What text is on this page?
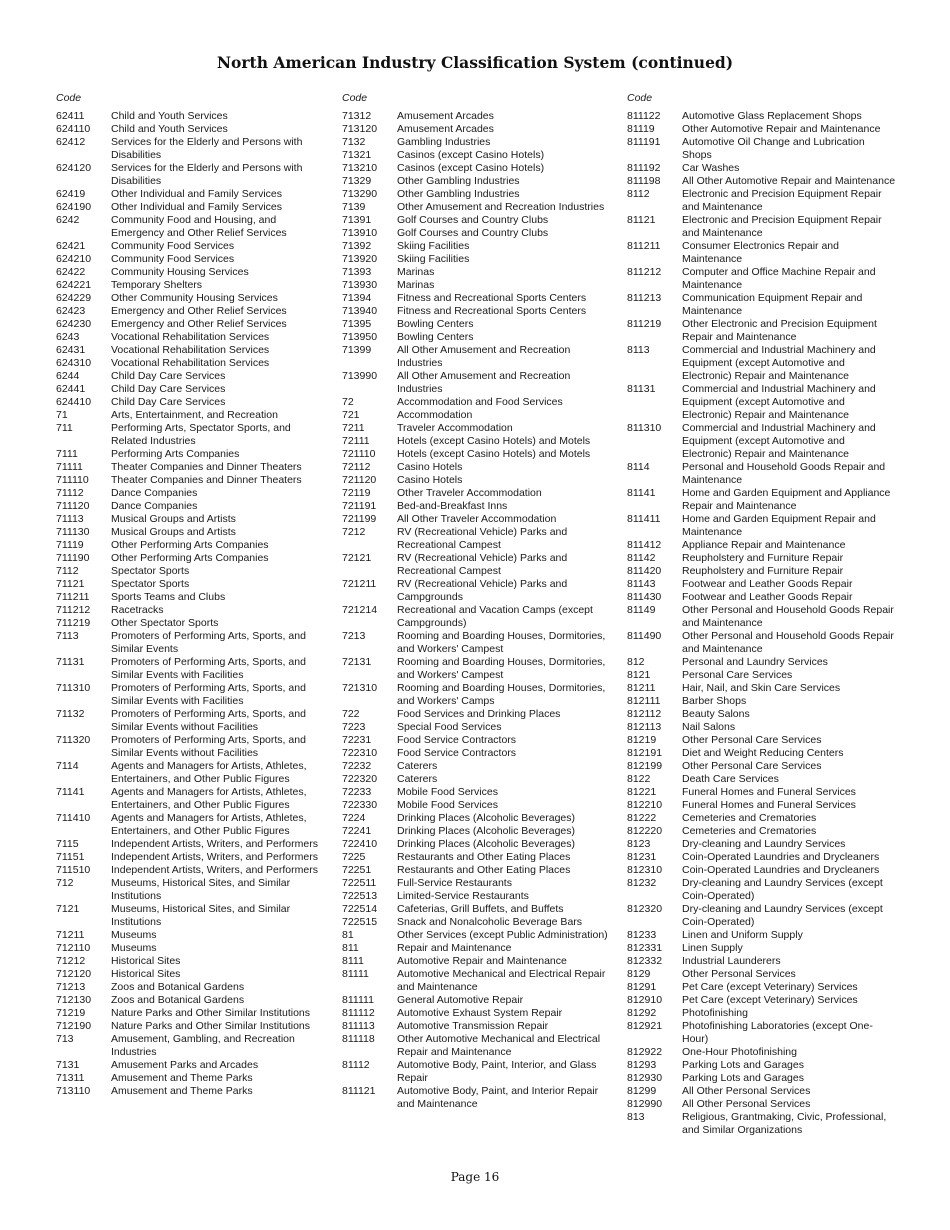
North American Industry Classification System (continued)
Code
62411	Child and Youth Services
624110	Child and Youth Services
62412	Services for the Elderly and Persons with Disabilities
624120	Services for the Elderly and Persons with Disabilities
62419	Other Individual and Family Services
624190	Other Individual and Family Services
6242	Community Food and Housing, and Emergency and Other Relief Services
62421	Community Food Services
624210	Community Food Services
62422	Community Housing Services
624221	Temporary Shelters
624229	Other Community Housing Services
62423	Emergency and Other Relief Services
624230	Emergency and Other Relief Services
6243	Vocational Rehabilitation Services
62431	Vocational Rehabilitation Services
624310	Vocational Rehabilitation Services
6244	Child Day Care Services
62441	Child Day Care Services
624410	Child Day Care Services
71	Arts, Entertainment, and Recreation
711	Performing Arts, Spectator Sports, and Related Industries
7111	Performing Arts Companies
71111	Theater Companies and Dinner Theaters
711110	Theater Companies and Dinner Theaters
71112	Dance Companies
711120	Dance Companies
71113	Musical Groups and Artists
711130	Musical Groups and Artists
71119	Other Performing Arts Companies
711190	Other Performing Arts Companies
7112	Spectator Sports
71121	Spectator Sports
711211	Sports Teams and Clubs
711212	Racetracks
711219	Other Spectator Sports
7113	Promoters of Performing Arts, Sports, and Similar Events
71131	Promoters of Performing Arts, Sports, and Similar Events with Facilities
711310	Promoters of Performing Arts, Sports, and Similar Events with Facilities
71132	Promoters of Performing Arts, Sports, and Similar Events without Facilities
711320	Promoters of Performing Arts, Sports, and Similar Events without Facilities
7114	Agents and Managers for Artists, Athletes, Entertainers, and Other Public Figures
71141	Agents and Managers for Artists, Athletes, Entertainers, and Other Public Figures
711410	Agents and Managers for Artists, Athletes, Entertainers, and Other Public Figures
7115	Independent Artists, Writers, and Performers
71151	Independent Artists, Writers, and Performers
711510	Independent Artists, Writers, and Performers
712	Museums, Historical Sites, and Similar Institutions
7121	Museums, Historical Sites, and Similar Institutions
71211	Museums
712110	Museums
71212	Historical Sites
712120	Historical Sites
71213	Zoos and Botanical Gardens
712130	Zoos and Botanical Gardens
71219	Nature Parks and Other Similar Institutions
712190	Nature Parks and Other Similar Institutions
713	Amusement, Gambling, and Recreation Industries
7131	Amusement Parks and Arcades
71311	Amusement and Theme Parks
713110	Amusement and Theme Parks
Code
71312	Amusement Arcades
713120	Amusement Arcades
7132	Gambling Industries
71321	Casinos (except Casino Hotels)
713210	Casinos (except Casino Hotels)
71329	Other Gambling Industries
713290	Other Gambling Industries
7139	Other Amusement and Recreation Industries
71391	Golf Courses and Country Clubs
713910	Golf Courses and Country Clubs
71392	Skiing Facilities
713920	Skiing Facilities
71393	Marinas
713930	Marinas
71394	Fitness and Recreational Sports Centers
713940	Fitness and Recreational Sports Centers
71395	Bowling Centers
713950	Bowling Centers
71399	All Other Amusement and Recreation Industries
713990	All Other Amusement and Recreation Industries
72	Accommodation and Food Services
721	Accommodation
7211	Traveler Accommodation
72111	Hotels (except Casino Hotels) and Motels
721110	Hotels (except Casino Hotels) and Motels
72112	Casino Hotels
721120	Casino Hotels
72119	Other Traveler Accommodation
721191	Bed-and-Breakfast Inns
721199	All Other Traveler Accommodation
7212	RV (Recreational Vehicle) Parks and Recreational Campest
72121	RV (Recreational Vehicle) Parks and Recreational Campest
721211	RV (Recreational Vehicle) Parks and Campgrounds
721214	Recreational and Vacation Camps (except Campgrounds)
7213	Rooming and Boarding Houses, Dormitories, and Workers' Campest
72131	Rooming and Boarding Houses, Dormitories, and Workers' Campest
721310	Rooming and Boarding Houses, Dormitories, and Workers' Camps
722	Food Services and Drinking Places
7223	Special Food Services
72231	Food Service Contractors
722310	Food Service Contractors
72232	Caterers
722320	Caterers
72233	Mobile Food Services
722330	Mobile Food Services
7224	Drinking Places (Alcoholic Beverages)
72241	Drinking Places (Alcoholic Beverages)
722410	Drinking Places (Alcoholic Beverages)
7225	Restaurants and Other Eating Places
72251	Restaurants and Other Eating Places
722511	Full-Service Restaurants
722513	Limited-Service Restaurants
722514	Cafeterias, Grill Buffets, and Buffets
722515	Snack and Nonalcoholic Beverage Bars
81	Other Services (except Public Administration)
811	Repair and Maintenance
8111	Automotive Repair and Maintenance
81111	Automotive Mechanical and Electrical Repair and Maintenance
811111	General Automotive Repair
811112	Automotive Exhaust System Repair
811113	Automotive Transmission Repair
811118	Other Automotive Mechanical and Electrical Repair and Maintenance
81112	Automotive Body, Paint, Interior, and Glass Repair
811121	Automotive Body, Paint, and Interior Repair and Maintenance
Code
811122	Automotive Glass Replacement Shops
81119	Other Automotive Repair and Maintenance
811191	Automotive Oil Change and Lubrication Shops
811192	Car Washes
811198	All Other Automotive Repair and Maintenance
8112	Electronic and Precision Equipment Repair and Maintenance
81121	Electronic and Precision Equipment Repair and Maintenance
811211	Consumer Electronics Repair and Maintenance
811212	Computer and Office Machine Repair and Maintenance
811213	Communication Equipment Repair and Maintenance
811219	Other Electronic and Precision Equipment Repair and Maintenance
8113	Commercial and Industrial Machinery and Equipment (except Automotive and Electronic) Repair and Maintenance
81131	Commercial and Industrial Machinery and Equipment (except Automotive and Electronic) Repair and Maintenance
811310	Commercial and Industrial Machinery and Equipment (except Automotive and Electronic) Repair and Maintenance
8114	Personal and Household Goods Repair and Maintenance
81141	Home and Garden Equipment and Appliance Repair and Maintenance
811411	Home and Garden Equipment Repair and Maintenance
811412	Appliance Repair and Maintenance
81142	Reupholstery and Furniture Repair
811420	Reupholstery and Furniture Repair
81143	Footwear and Leather Goods Repair
811430	Footwear and Leather Goods Repair
81149	Other Personal and Household Goods Repair and Maintenance
811490	Other Personal and Household Goods Repair and Maintenance
812	Personal and Laundry Services
8121	Personal Care Services
81211	Hair, Nail, and Skin Care Services
812111	Barber Shops
812112	Beauty Salons
812113	Nail Salons
81219	Other Personal Care Services
812191	Diet and Weight Reducing Centers
812199	Other Personal Care Services
8122	Death Care Services
81221	Funeral Homes and Funeral Services
812210	Funeral Homes and Funeral Services
81222	Cemeteries and Crematories
812220	Cemeteries and Crematories
8123	Dry-cleaning and Laundry Services
81231	Coin-Operated Laundries and Drycleaners
812310	Coin-Operated Laundries and Drycleaners
81232	Dry-cleaning and Laundry Services (except Coin-Operated)
812320	Dry-cleaning and Laundry Services (except Coin-Operated)
81233	Linen and Uniform Supply
812331	Linen Supply
812332	Industrial Launderers
8129	Other Personal Services
81291	Pet Care (except Veterinary) Services
812910	Pet Care (except Veterinary) Services
81292	Photofinishing
812921	Photofinishing Laboratories (except One-Hour)
812922	One-Hour Photofinishing
81293	Parking Lots and Garages
812930	Parking Lots and Garages
81299	All Other Personal Services
812990	All Other Personal Services
813	Religious, Grantmaking, Civic, Professional, and Similar Organizations
Page 16
